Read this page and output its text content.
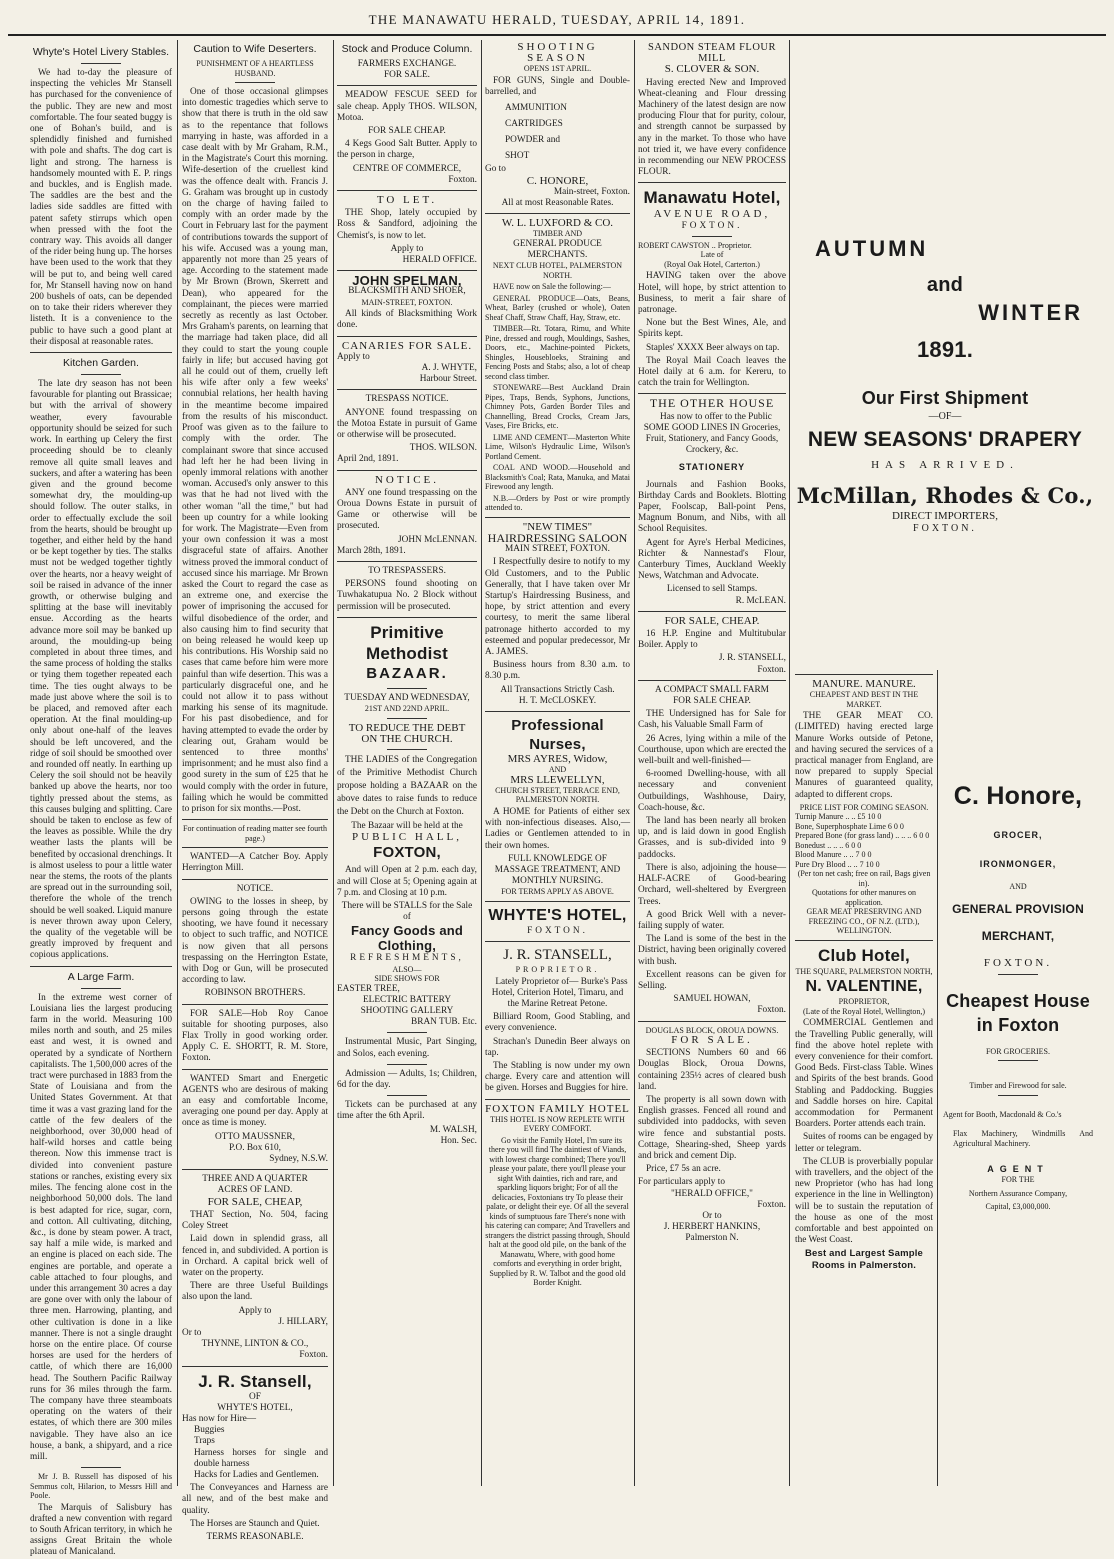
THE MANAWATU HERALD, TUESDAY, APRIL 14, 1891.
Whyte's Hotel Livery Stables.

We had to-day the pleasure of inspecting the vehicles Mr Stansell has purchased for the convenience of the public. They are new and most comfortable. The four seated buggy is one of Bohan's build, and is splendidly finished and furnished with pole and shafts. The dog cart is light and strong. The harness is handsomely mounted with E. P. rings and buckles, and is English made. The saddles are the best and the ladies side saddles are fitted with patent safety stirrups which open when pressed with the foot the contrary way. This avoids all danger of the rider being hung up. The horses have been used to the work that they will be put to, and being well cared for, Mr Stansell having now on hand 200 bushels of oats, can be depended on to take their riders wherever they listeth. It is a convenience to the public to have such a good plant at their disposal at reasonable rates.

Kitchen Garden.

The late dry season has not been favourable for planting out Brassicae; but with the arrival of showery weather, every favourable opportunity should be seized for such work. In earthing up Celery the first proceeding should be to cleanly remove all quite small leaves and suckers, and after a watering has been given and the ground become somewhat dry, the moulding-up should follow. The outer stalks, in order to effectually exclude the soil from the hearts, should be brought up together, and either held by the hand or be kept together by ties. The stalks must not be wedged together tightly over the hearts, nor a heavy weight of soil be raised in advance of the inner growth, or otherwise bulging and splitting at the base will inevitably ensue. According as the hearts advance more soil may be banked up around, the moulding-up being completed in about three times, and the same process of holding the stalks or tying them together repeated each time. The ties ought always to be made just above where the soil is to be placed, and removed after each operation. At the final moulding-up only about one-half of the leaves should be left uncovered, and the ridge of soil should be smoothed over and rounded off neatly. In earthing up Celery the soil should not be heavily banked up above the hearts, nor too tightly pressed about the stems, as this causes bulging and splitting. Care should be taken to enclose as few of the leaves as possible. While the dry weather lasts the plants will be benefited by occasional drenchings. It is almost useless to pour a little water near the stems, the roots of the plants are spread out in the surrounding soil, therefore the whole of the trench should be well soaked. Liquid manure is never thrown away upon Celery, the quality of the vegetable will be greatly improved by frequent and copious applications.

A Large Farm.

In the extreme west corner of Louisiana lies the largest producing farm in the world. Measuring 100 miles north and south, and 25 miles east and west, it is owned and operated by a syndicate of Northern capitalists. The 1,500,000 acres of the tract were purchased in 1883 from the State of Louisiana and from the United States Government. At that time it was a vast grazing land for the cattle of the few dealers of the neighborhood, over 30,000 head of half-wild horses and cattle being thereon. Now this immense tract is divided into convenient pasture stations or ranches, existing every six miles. The fencing alone cost in the neighborhood 50,000 dols. The land is best adapted for rice, sugar, corn, and cotton. All cultivating, ditching, &c., is done by steam power. A tract, say half a mile wide, is marked and an engine is placed on each side. The engines are portable, and operate a cable attached to four ploughs, and under this arrangement 30 acres a day are gone over with only the labour of three men. Harrowing, planting, and other cultivation is done in a like manner. There is not a single draught horse on the entire place. Of course horses are used for the herders of cattle, of which there are 16,000 head. The Southern Pacific Railway runs for 36 miles through the farm. The company have three steamboats operating on the waters of their estates, of which there are 300 miles navigable. They have also an ice house, a bank, a shipyard, and a rice mill.

Mr J. B. Russell has disposed of his Semmus colt, Hilarion, to Messrs Hill and Poole.

The Marquis of Salisbury has drafted a new convention with regard to South African territory, in which he assigns Great Britain the whole plateau of Manicaland.

Caution to Wife Deserters.
PUNISHMENT OF A HEARTLESS HUSBAND.

One of those occasional glimpses into domestic tragedies which serve to show that there is truth in the old saw as to the repentance that follows marrying in haste, was afforded in a case dealt with by Mr Graham, R.M., in the Magistrate's Court this morning. Wife-desertion of the cruellest kind was the offence dealt with. Francis J. G. Graham was brought up in custody on the charge of having failed to comply with an order made by the Court in February last for the payment of contributions towards the support of his wife. Accused was a young man, apparently not more than 25 years of age. According to the statement made by Mr Brown (Brown, Skerrett and Dean), who appeared for the complainant, the pieces were married secretly as recently as last October. Mrs Graham's parents, on learning that the marriage had taken place, did all they could to start the young couple fairly in life; but accused having got all he could out of them, cruelly left his wife after only a few weeks' connubial relations, her health having in the meantime become impaired from the results of his misconduct. Proof was given as to the failure to comply with the order. The complainant swore that since accused had left her he had been living in openly immoral relations with another woman. Accused's only answer to this was that he had not lived with the other woman "all the time," but had been up country for a while looking for work. The Magistrate—Even from your own confession it was a most disgraceful state of affairs. Another witness proved the immoral conduct of accused since his marriage. Mr Brown asked the Court to regard the case as an extreme one, and exercise the power of imprisoning the accused for wilful disobedience of the order, and also causing him to find security that on being released he would keep up his contributions. His Worship said no cases that came before him were more painful than wife desertion. This was a particularly disgraceful one, and he could not allow it to pass without marking his sense of its magnitude. For his past disobedience, and for having attempted to evade the order by clearing out, Graham would be sentenced to three months' imprisonment; and he must also find a good surety in the sum of £25 that he would comply with the order in future, failing which he would be committed to prison for six months.—Post.

For continuation of reading matter see fourth page.)

WANTED—A Catcher Boy. Apply Herrington Mill.

NOTICE.

OWING to the losses in sheep, by persons going through the estate shooting, we have found it necessary to object to such traffic, and NOTICE is now given that all persons trespassing on the Herrington Estate, with Dog or Gun, will be prosecuted according to law.

ROBINSON BROTHERS.

FOR SALE—Hob Roy Canoe suitable for shooting purposes, also Flax Trolly in good working order. Apply C. E. SHORTT, R. M. Store, Foxton.

WANTED Smart and Energetic AGENTS who are desirous of making an easy and comfortable Income, averaging one pound per day. Apply at once as time is money.

OTTO MAUSSNER,
P.O. Box 610,
Sydney, N.S.W.
THREE AND A QUARTER
ACRES OF LAND.
FOR SALE, CHEAP,

THAT Section, No. 504, facing Coley Street

Laid down in splendid grass, all fenced in, and subdivided. A portion is in Orchard. A capital brick well of water on the property.

There are three Useful Buildings also upon the land.

Apply to
J. HILLARY,
Or to
THYNNE, LINTON & CO.,
Foxton.
J. R. Stansell,
OF
WHYTE'S HOTEL,
Has now for Hire—
Buggies
Traps
Harness horses for single and double harness
Hacks for Ladies and Gentlemen.

The Conveyances and Harness are all new, and of the best make and quality.

The Horses are Staunch and Quiet.

TERMS REASONABLE.
Stock and Produce Column.
FARMERS EXCHANGE.
FOR SALE.

MEADOW FESCUE SEED for sale cheap. Apply THOS. WILSON, Motoa.

FOR SALE CHEAP.

4 Kegs Good Salt Butter. Apply to the person in charge,

CENTRE OF COMMERCE,
Foxton.
TO LET.

THE Shop, lately occupied by Ross & Sandford, adjoining the Chemist's, is now to let.

Apply to
HERALD OFFICE.
JOHN SPELMAN,
BLACKSMITH AND SHOER,
MAIN-STREET, FOXTON.

All kinds of Blacksmithing Work done.

CANARIES FOR SALE.
Apply to
A. J. WHYTE,
Harbour Street.
TRESPASS NOTICE.

ANYONE found trespassing on the Motoa Estate in pursuit of Game or otherwise will be prosecuted.

THOS. WILSON.
April 2nd, 1891.
NOTICE.

ANY one found trespassing on the Oroua Downs Estate in pursuit of Game or otherwise will be prosecuted.

JOHN McLENNAN.
March 28th, 1891.
TO TRESPASSERS.

PERSONS found shooting on Tuwhakatupua No. 2 Block without permission will be prosecuted.

Primitive Methodist
BAZAAR.
TUESDAY AND WEDNESDAY,
21ST AND 22ND APRIL.
TO REDUCE THE DEBT
ON THE CHURCH.

THE LADIES of the Congregation of the Primitive Methodist Church propose holding a BAZAAR on the above dates to raise funds to reduce the Debt on the Church at Foxton.

The Bazaar will be held at the
PUBLIC HALL,
FOXTON,

And will Open at 2 p.m. each day, and will Close at 5; Opening again at 7 p.m. and Closing at 10 p.m.

There will be STALLS for the Sale of
Fancy Goods and Clothing,
REFRESHMENTS,
ALSO—
SIDE SHOWS FOR
EASTER TREE,
ELECTRIC BATTERY
SHOOTING GALLERY
BRAN TUB. Etc.

Instrumental Music, Part Singing, and Solos, each evening.

Admission — Adults, 1s; Children, 6d for the day.

Tickets can be purchased at any time after the 6th April.

M. WALSH,
Hon. Sec.
SHOOTING SEASON
OPENS 1ST APRIL.

FOR GUNS, Single and Double-barrelled, and

AMMUNITION
CARTRIDGES
POWDER and
SHOT
Go to
C. HONORE,
Main-street, Foxton.
All at most Reasonable Rates.
W. L. LUXFORD & CO.
TIMBER AND
GENERAL PRODUCE
MERCHANTS.
NEXT CLUB HOTEL, PALMERSTON NORTH.

HAVE now on Sale the following:—

GENERAL PRODUCE—Oats, Beans, Wheat, Barley (crushed or whole), Oaten Sheaf Chaff, Straw Chaff, Hay, Straw, etc.

TIMBER—Rt. Totara, Rimu, and White Pine, dressed and rough, Mouldings, Sashes, Doors, etc., Machine-pointed Pickets, Shingles, Housebloeks, Straining and Fencing Posts and Stabs; also, a lot of cheap second class timber.

STONEWARE—Best Auckland Drain Pipes, Traps, Bends, Syphons, Junctions, Chimney Pots, Garden Border Tiles and Channelling, Bread Crocks, Cream Jars, Vases, Fire Bricks, etc.

LIME AND CEMENT—Masterton White Lime, Wilson's Hydraulic Lime, Wilson's Portland Cement.

COAL AND WOOD.—Household and Blacksmith's Coal; Rata, Manuka, and Matai Firewood any length.

N.B.—Orders by Post or wire promptly attended to.

"NEW TIMES"
HAIRDRESSING SALOON
MAIN STREET, FOXTON.

I Respectfully desire to notify to my Old Customers, and to the Public Generally, that I have taken over Mr Startup's Hairdressing Business, and hope, by strict attention and every courtesy, to merit the same liberal patronage hitherto accorded to my esteemed and popular predecessor, Mr A. JAMES.

Business hours from 8.30 a.m. to 8.30 p.m.

All Transactions Strictly Cash.
H. T. McCLOSKEY.
Professional Nurses,
MRS AYRES, Widow,
AND
MRS LLEWELLYN,
CHURCH STREET, TERRACE END, PALMERSTON NORTH.

A HOME for Patients of either sex with non-infectious diseases. Also,—Ladies or Gentlemen attended to in their own homes.

FULL KNOWLEDGE OF MASSAGE TREATMENT, AND MONTHLY NURSING.
FOR TERMS APPLY AS ABOVE.
WHYTE'S HOTEL,
FOXTON.
J. R. STANSELL,
PROPRIETOR.

Lately Proprietor of— Burke's Pass Hotel, Criterion Hotel, Timaru, and the Marine Retreat Petone.

Billiard Room, Good Stabling, and every convenience.

Strachan's Dunedin Beer always on tap.

The Stabling is now under my own charge. Every care and attention will be given. Horses and Buggies for hire.

FOXTON FAMILY HOTEL
THIS HOTEL IS NOW REPLETE WITH EVERY COMFORT.

Go visit the Family Hotel, I'm sure its there you will find The daintiest of Viands, with lowest charge combined; There you'll please your palate, there you'll please your sight With dainties, rich and rare, and sparkling liquors bright; For of all the delicacies, Foxtonians try To please their palate, or delight their eye. Of all the several kinds of sumptuous fare There's none with his catering can compare; And Travellers and strangers the district passing through, Should halt at the good old pile, on the bank of the Manawatu, Where, with good home comforts and everything in order bright, Supplied by R. W. Talbot and the good old Border Knight.

SANDON STEAM FLOUR MILL
S. CLOVER & SON.

Having erected New and Improved Wheat-cleaning and Flour dressing Machinery of the latest design are now producing Flour that for purity, colour, and strength cannot be surpassed by any in the market. To those who have not tried it, we have every confidence in recommending our NEW PROCESS FLOUR.

Manawatu Hotel,
AVENUE ROAD,
FOXTON.
ROBERT CAWSTON .. Proprietor.
Late of
(Royal Oak Hotel, Carterton.)

HAVING taken over the above Hotel, will hope, by strict attention to Business, to merit a fair share of patronage.

None but the Best Wines, Ale, and Spirits kept.

Staples' XXXX Beer always on tap.

The Royal Mail Coach leaves the Hotel daily at 6 a.m. for Kereru, to catch the train for Wellington.

THE OTHER HOUSE

Has now to offer to the Public SOME GOOD LINES IN Groceries, Fruit, Stationery, and Fancy Goods, Crockery, &c.

STATIONERY

Journals and Fashion Books, Birthday Cards and Booklets. Blotting Paper, Foolscap, Ball-point Pens, Magnum Bonum, and Nibs, with all School Requisites.

Agent for Ayre's Herbal Medicines, Richter & Nannestad's Flour, Canterbury Times, Auckland Weekly News, Watchman and Advocate.

Licensed to sell Stamps.
R. McLEAN.
FOR SALE, CHEAP.

16 H.P. Engine and Multitubular Boiler. Apply to

J. R. STANSELL,
Foxton.
A COMPACT SMALL FARM
FOR SALE CHEAP.

THE Undersigned has for Sale for Cash, his Valuable Small Farm of

26 Acres, lying within a mile of the Courthouse, upon which are erected the well-built and well-finished—

6-roomed Dwelling-house, with all necessary and convenient Outbuildings, Washhouse, Dairy, Coach-house, &c.

The land has been nearly all broken up, and is laid down in good English Grasses, and is sub-divided into 9 paddocks.

There is also, adjoining the house— HALF-ACRE of Good-bearing Orchard, well-sheltered by Evergreen Trees.

A good Brick Well with a never-failing supply of water.

The Land is some of the best in the District, having been originally covered with bush.

Excellent reasons can be given for Selling.

SAMUEL HOWAN,
Foxton.
DOUGLAS BLOCK, OROUA DOWNS.
FOR SALE.

SECTIONS Numbers 60 and 66 Douglas Block, Oroua Downs, containing 235½ acres of cleared bush land.

The property is all sown down with English grasses. Fenced all round and subdivided into paddocks, with seven wire fence and substantial posts. Cottage, Shearing-shed, Sheep yards and brick and cement Dip.

Price, £7 5s an acre.

For particulars apply to
"HERALD OFFICE,"
Foxton.
Or to
J. HERBERT HANKINS,
Palmerston N.
AUTUMN
and
WINTER
1891.
Our First Shipment
—OF—
NEW SEASONS' DRAPERY
HAS ARRIVED.
McMillan, Rhodes & Co.,
DIRECT IMPORTERS,
FOXTON.
MANURE. MANURE.
CHEAPEST AND BEST IN THE MARKET.

THE GEAR MEAT CO. (LIMITED) having erected large Manure Works outside of Petone, and having secured the services of a practical manager from England, are now prepared to supply Special Manures of guaranteed quality, adapted to different crops.

PRICE LIST FOR COMING SEASON.
Turnip Manure .. .. £5 10 0
Bone, Superphosphate Lime 6 0 0
Prepared Bone (for grass land) .. .. .. 6 0 0
Bonedust .. .. .. 6 0 0
Blood Manure .. .. 7 0 0
Pure Dry Blood .. .. 7 10 0
(Per ton net cash; free on rail, Bags given in).
Quotations for other manures on application.
GEAR MEAT PRESERVING AND FREEZING CO., OF N.Z. (LTD.), WELLINGTON.
Club Hotel,
THE SQUARE, PALMERSTON NORTH,
N. VALENTINE,
PROPRIETOR,
(Late of the Royal Hotel, Wellington,)

COMMERCIAL Gentlemen and the Travelling Public generally, will find the above hotel replete with every convenience for their comfort. Good Beds. First-class Table. Wines and Spirits of the best brands. Good Stabling and Paddocking. Buggies and Saddle horses on hire. Capital accommodation for Permanent Boarders. Porter attends each train.

Suites of rooms can be engaged by letter or telegram.

The CLUB is proverbially popular with travellers, and the object of the new Proprietor (who has had long experience in the line in Wellington) will be to sustain the reputation of the house as one of the most comfortable and best appointed on the West Coast.

Best and Largest Sample Rooms in Palmerston.
C. Honore,
GROCER,
IRONMONGER,
AND
GENERAL PROVISION
MERCHANT,
FOXTON.
Cheapest House in Foxton
FOR GROCERIES.
Timber and Firewood for sale.
Agent for Booth, Macdonald & Co.'s
Flax Machinery, Windmills And Agricultural Machinery.
AGENT
FOR THE
Northern Assurance Company,
Capital, £3,000,000.
